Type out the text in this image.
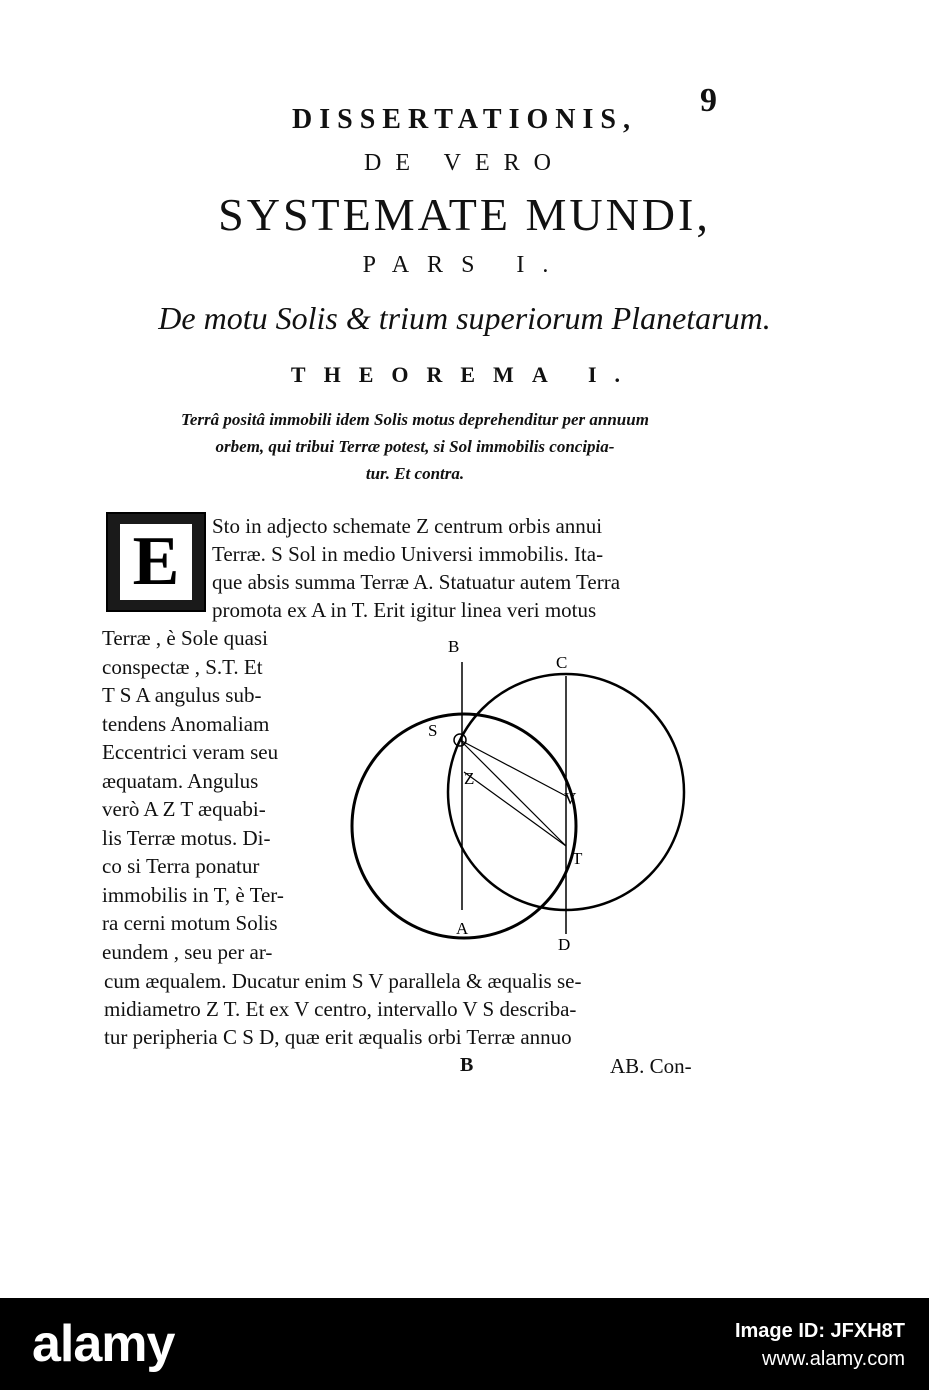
9
DISSERTATIONIS,
DE VERO
SYSTEMATE MUNDI,
PARS I.
De motu Solis & trium superiorum Planetarum.
THEOREMA I.
Terrâ positâ immobili idem Solis motus deprehenditur per annuum
orbem, qui tribui Terræ potest, si Sol immobilis concipia-
tur. Et contra.
E	Sto in adjecto schemate Z centrum orbis annui
Terræ. S Sol in medio Universi immobilis. Ita-
que absis summa Terræ A. Statuatur autem Terra
promota ex A in T. Erit igitur linea veri motus
Terræ , è Sole quasi
conspectæ , S.T. Et
T S A angulus sub-
tendens Anomaliam
Eccentrici veram seu
æquatam. Angulus
verò A Z T æquabi-
lis Terræ motus. Di-
co si Terra ponatur
immobilis in T, è Ter-
ra cerni motum Solis
eundem , seu per ar-
B
C
S
Z
V
T
A
D
cum æqualem. Ducatur enim S V parallela & æqualis se-
midiametro Z T. Et ex V centro, intervallo V S describa-
tur peripheria C S D, quæ erit æqualis orbi Terræ annuo
B	AB. Con-
alamy	Image ID: JFXH8T
www.alamy.com
